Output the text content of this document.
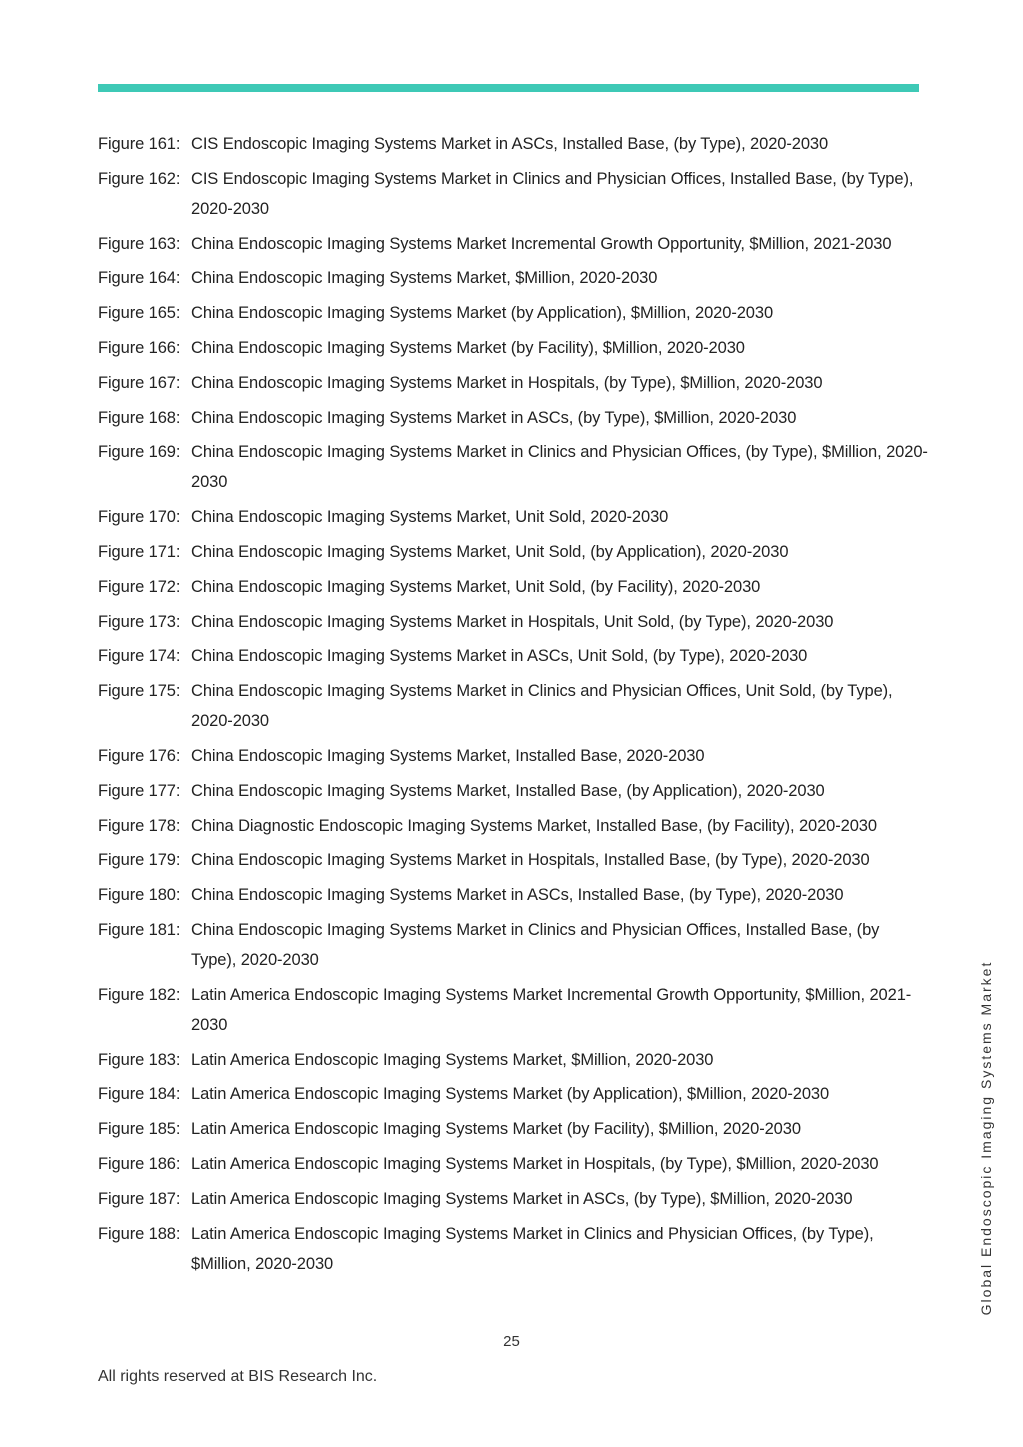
Figure 161: CIS Endoscopic Imaging Systems Market in ASCs, Installed Base, (by Type), 2020-2030
Figure 162: CIS Endoscopic Imaging Systems Market in Clinics and Physician Offices, Installed Base, (by Type), 2020-2030
Figure 163: China Endoscopic Imaging Systems Market Incremental Growth Opportunity, $Million, 2021-2030
Figure 164: China Endoscopic Imaging Systems Market, $Million, 2020-2030
Figure 165: China Endoscopic Imaging Systems Market (by Application), $Million, 2020-2030
Figure 166: China Endoscopic Imaging Systems Market (by Facility), $Million, 2020-2030
Figure 167: China Endoscopic Imaging Systems Market in Hospitals, (by Type), $Million, 2020-2030
Figure 168: China Endoscopic Imaging Systems Market in ASCs, (by Type), $Million, 2020-2030
Figure 169: China Endoscopic Imaging Systems Market in Clinics and Physician Offices, (by Type), $Million, 2020-2030
Figure 170: China Endoscopic Imaging Systems Market, Unit Sold, 2020-2030
Figure 171: China Endoscopic Imaging Systems Market, Unit Sold, (by Application), 2020-2030
Figure 172: China Endoscopic Imaging Systems Market, Unit Sold, (by Facility), 2020-2030
Figure 173: China Endoscopic Imaging Systems Market in Hospitals, Unit Sold, (by Type), 2020-2030
Figure 174: China Endoscopic Imaging Systems Market in ASCs, Unit Sold, (by Type), 2020-2030
Figure 175: China Endoscopic Imaging Systems Market in Clinics and Physician Offices, Unit Sold, (by Type), 2020-2030
Figure 176: China Endoscopic Imaging Systems Market, Installed Base, 2020-2030
Figure 177: China Endoscopic Imaging Systems Market, Installed Base, (by Application), 2020-2030
Figure 178: China Diagnostic Endoscopic Imaging Systems Market, Installed Base, (by Facility), 2020-2030
Figure 179: China Endoscopic Imaging Systems Market in Hospitals, Installed Base, (by Type), 2020-2030
Figure 180: China Endoscopic Imaging Systems Market in ASCs, Installed Base, (by Type), 2020-2030
Figure 181: China Endoscopic Imaging Systems Market in Clinics and Physician Offices, Installed Base, (by Type), 2020-2030
Figure 182: Latin America Endoscopic Imaging Systems Market Incremental Growth Opportunity, $Million, 2021-2030
Figure 183: Latin America Endoscopic Imaging Systems Market, $Million, 2020-2030
Figure 184: Latin America Endoscopic Imaging Systems Market (by Application), $Million, 2020-2030
Figure 185: Latin America Endoscopic Imaging Systems Market (by Facility), $Million, 2020-2030
Figure 186: Latin America Endoscopic Imaging Systems Market in Hospitals, (by Type), $Million, 2020-2030
Figure 187: Latin America Endoscopic Imaging Systems Market in ASCs, (by Type), $Million, 2020-2030
Figure 188: Latin America Endoscopic Imaging Systems Market in Clinics and Physician Offices, (by Type), $Million, 2020-2030
25
All rights reserved at BIS Research Inc.
Global Endoscopic Imaging Systems Market
